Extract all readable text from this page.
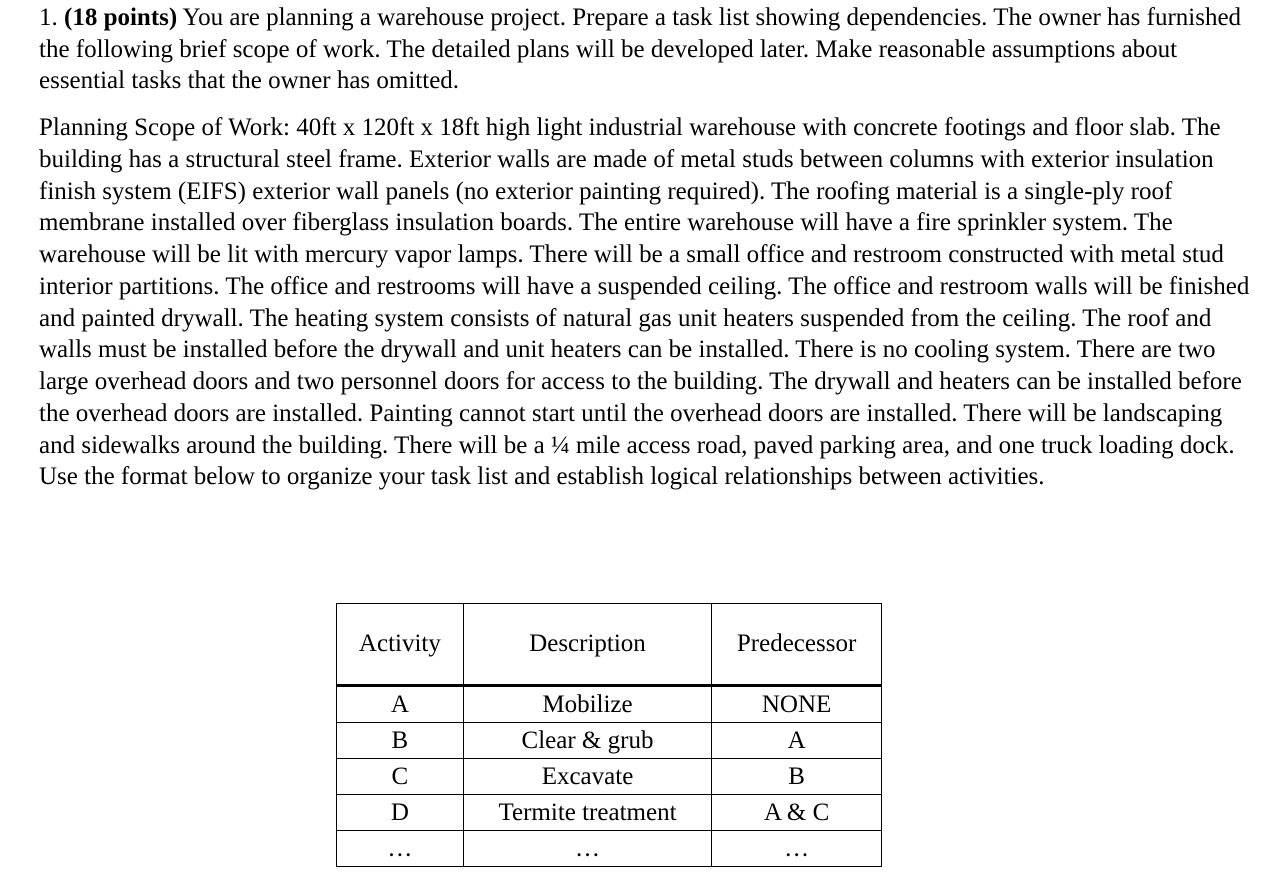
1. (18 points) You are planning a warehouse project. Prepare a task list showing dependencies. The owner has furnished the following brief scope of work. The detailed plans will be developed later. Make reasonable assumptions about essential tasks that the owner has omitted.

Planning Scope of Work: 40ft x 120ft x 18ft high light industrial warehouse with concrete footings and floor slab. The building has a structural steel frame. Exterior walls are made of metal studs between columns with exterior insulation finish system (EIFS) exterior wall panels (no exterior painting required). The roofing material is a single-ply roof membrane installed over fiberglass insulation boards. The entire warehouse will have a fire sprinkler system. The warehouse will be lit with mercury vapor lamps. There will be a small office and restroom constructed with metal stud interior partitions. The office and restrooms will have a suspended ceiling. The office and restroom walls will be finished and painted drywall. The heating system consists of natural gas unit heaters suspended from the ceiling. The roof and walls must be installed before the drywall and unit heaters can be installed. There is no cooling system. There are two large overhead doors and two personnel doors for access to the building. The drywall and heaters can be installed before the overhead doors are installed. Painting cannot start until the overhead doors are installed. There will be landscaping and sidewalks around the building. There will be a ¼ mile access road, paved parking area, and one truck loading dock. Use the format below to organize your task list and establish logical relationships between activities.

Activity	Description	Predecessor
A	Mobilize	NONE
B	Clear & grub	A
C	Excavate	B
D	Termite treatment	A & C
…	…	…
